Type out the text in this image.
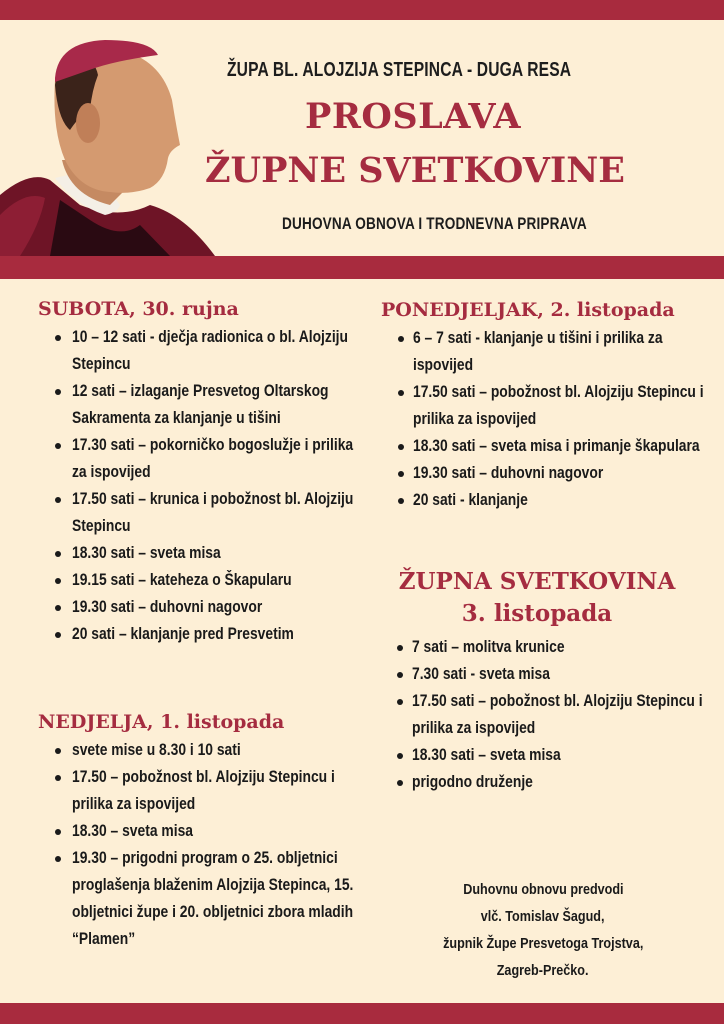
ŽUPA BL. ALOJZIJA STEPINCA - DUGA RESA
PROSLAVA
ŽUPNE SVETKOVINE
DUHOVNA OBNOVA I TRODNEVNA PRIPRAVA
SUBOTA, 30. rujna
10 – 12 sati - dječja radionica o bl. Alojziju Stepincu
12 sati – izlaganje Presvetog Oltarskog Sakramenta za klanjanje u tišini
17.30 sati – pokorničko bogoslužje i prilika za ispovijed
17.50 sati – krunica i pobožnost bl. Alojziju Stepincu
18.30 sati – sveta misa
19.15 sati – kateheza o Škapularu
19.30 sati – duhovni nagovor
20 sati – klanjanje pred Presvetim
NEDJELJA, 1. listopada
svete mise u 8.30 i 10 sati
17.50 – pobožnost bl. Alojziju Stepincu i prilika za ispovijed
18.30 – sveta misa
19.30 – prigodni program o 25. obljetnici proglašenja blaženim Alojzija Stepinca, 15. obljetnici župe i 20. obljetnici zbora mladih “Plamen”
PONEDJELJAK, 2. listopada
6 – 7 sati - klanjanje u tišini i prilika za ispovijed
17.50 sati – pobožnost bl. Alojziju Stepincu i prilika za ispovijed
18.30 sati – sveta misa i primanje škapulara
19.30 sati – duhovni nagovor
20 sati - klanjanje
ŽUPNA SVETKOVINA
3. listopada
7 sati – molitva krunice
7.30 sati - sveta misa
17.50 sati – pobožnost bl. Alojziju Stepincu i prilika za ispovijed
18.30 sati – sveta misa
prigodno druženje
Duhovnu obnovu predvodi
vlč. Tomislav Šagud,
župnik Župe Presvetoga Trojstva,
Zagreb-Prečko.
